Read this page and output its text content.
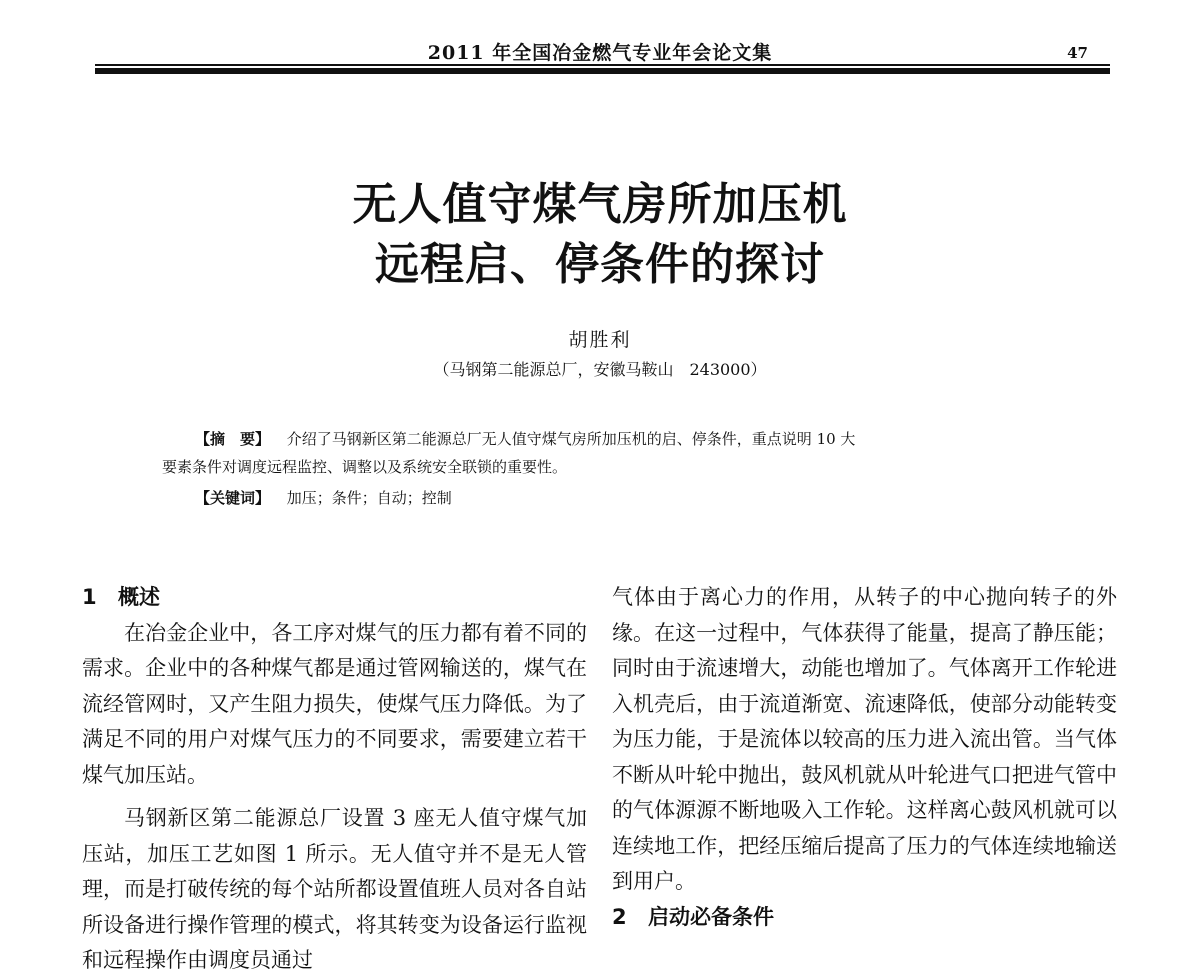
2011 年全国冶金燃气专业年会论文集	47
无人值守煤气房所加压机
远程启、停条件的探讨
胡胜利
（马钢第二能源总厂，安徽马鞍山　243000）
【摘　要】 介绍了马钢新区第二能源总厂无人值守煤气房所加压机的启、停条件，重点说明 10 大
要素条件对调度远程监控、调整以及系统安全联锁的重要性。
【关键词】 加压；条件；自动；控制
1 概述

在冶金企业中，各工序对煤气的压力都有着不同的需求。企业中的各种煤气都是通过管网输送的，煤气在流经管网时，又产生阻力损失，使煤气压力降低。为了满足不同的用户对煤气压力的不同要求，需要建立若干煤气加压站。

马钢新区第二能源总厂设置 3 座无人值守煤气加压站，加压工艺如图 1 所示。无人值守并不是无人管理，而是打破传统的每个站所都设置值班人员对各自站所设备进行操作管理的模式，将其转变为设备运行监视和远程操作由调度员通过

气体由于离心力的作用，从转子的中心抛向转子的外缘。在这一过程中，气体获得了能量，提高了静压能；同时由于流速增大，动能也增加了。气体离开工作轮进入机壳后，由于流道渐宽、流速降低，使部分动能转变为压力能，于是流体以较高的压力进入流出管。当气体不断从叶轮中抛出，鼓风机就从叶轮进气口把进气管中的气体源源不断地吸入工作轮。这样离心鼓风机就可以连续地工作，把经压缩后提高了压力的气体连续地输送到用户。

2 启动必备条件
